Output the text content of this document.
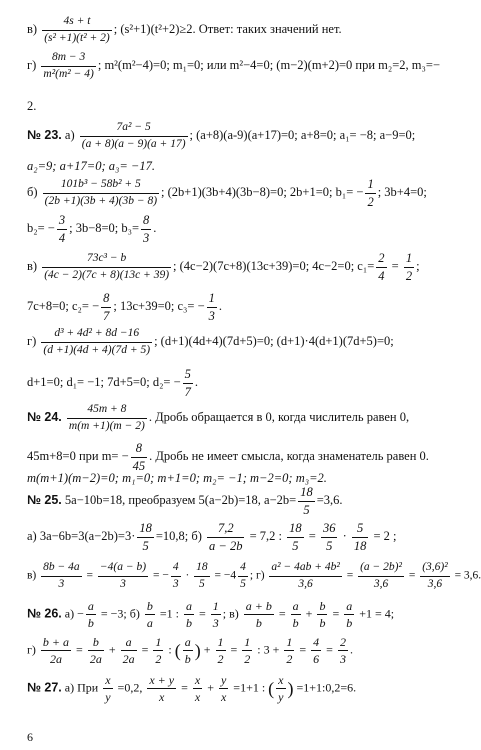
$в) \frac{4s + t}{\text{(s² +1)(t² + 2)}}$ ; (s²+1)(t²+2)≥2. Ответ: таких значений нет.
$г) \frac{8m - 3}{\text{m²(m² − 4)}}$ ; m²(m²−4)=0; m₁=0; или m²−4=0; (m−2)(m+2)=0 при m₂=2, m₃=−
2.
№ 23. $а) \frac{\text{7a² − 5}}{(a + 8)(a - 9)(a + 17)}$ ; (a+8)(a-9)(a+17)=0; a+8=0; a₁= −8; a−9=0;
a₂=9; a+17=0; a₃= −17.
$б) \frac{\text{101b³ − 58b² + 5}}{(2b +1)(3b + 4)(3b - 8)}$ ; (2b+1)(3b+4)(3b−8)=0; 2b+1=0; $b_1= - \frac{1}{2}$ ; 3b+4=0;
$b_2= - \frac{3}{4}$ ; 3b−8=0; $b_3= \frac{8}{3}$ .
$в) \frac{\text{73c³ − b}}{(4c - 2)(7c + 8)(13c + 39)}$ ; (4c−2)(7c+8)(13c+39)=0; 4c−2=0; $c_1= \frac{2}{4} = \frac{1}{2}$ ;
7c+8=0; $c_2= - \frac{8}{7}$ ; 13c+39=0; $c_3= - \frac{1}{3}$ .
$г) \frac{\text{d³ + 4d² + 8d −16}}{(d +1)(4d + 4)(7d + 5)}$ ; (d+1)(4d+4)(7d+5)=0; (d+1)·4(d+1)(7d+5)=0;
d+1=0; d₁= −1; 7d+5=0; $d_2= - \frac{5}{7}$ .
№ 24. $\frac{45m + 8}{m(m +1)(m - 2)}$ . Дробь обращается в 0, когда числитель равен 0,
45m+8=0 при $m= - \frac{8}{45}$ . Дробь не имеет смысла, когда знаменатель равен 0.
m(m+1)(m−2)=0; m₁=0; m+1=0; m₂= −1; m−2=0; m₃=2.
№ 25. 5a−10b=18, преобразуем 5(a−2b)=18, $a-2b= \frac{18}{5} =3,6$.
а) $3a-6b=3(a-2b)=3\cdot \frac{18}{5} =10,8$; $б) \frac{7,2}{a - 2b} = 7,2$ : $\frac{18}{5} = \frac{36}{5} \cdot \frac{5}{18} = 2$ ;
$в) \frac{8b - 4a}{3} = \frac{-4(a - b)}{3}$ = − $\frac{4}{3} \cdot \frac{18}{5} = -4 \frac{4}{5}$ ; $г) \frac{\text{a² − 4ab + 4b²}}{3,6} = \frac{\text{(a − 2b)²}}{3,6} = \frac{\text{(3,6)²}}{3,6} = 3,6$.
№ 26. $а) - \frac{a}{b} = -3$; $б) \frac{b}{a} =1$ : $\frac{a}{b} = \frac{1}{3}$ ; $в) \frac{a + b}{b} = \frac{a}{b} + \frac{b}{b} = \frac{a}{b} +1 = 4$;
$г) \frac{b + a}{2a} = \frac{b}{2a} + \frac{a}{2a} = \frac{1}{2}$ : ( $\frac{a}{b}$ ) + $\frac{1}{2} = \frac{1}{2}$ : $3 + \frac{1}{2} = \frac{4}{6} = \frac{2}{3}$ .
№ 27. а) При $\frac{x}{y} =0,2$, $\frac{x + y}{x} = \frac{x}{x} + \frac{y}{x} =1+1$ : ( $\frac{x}{y}$ ) =1+1:0,2=6.
6
